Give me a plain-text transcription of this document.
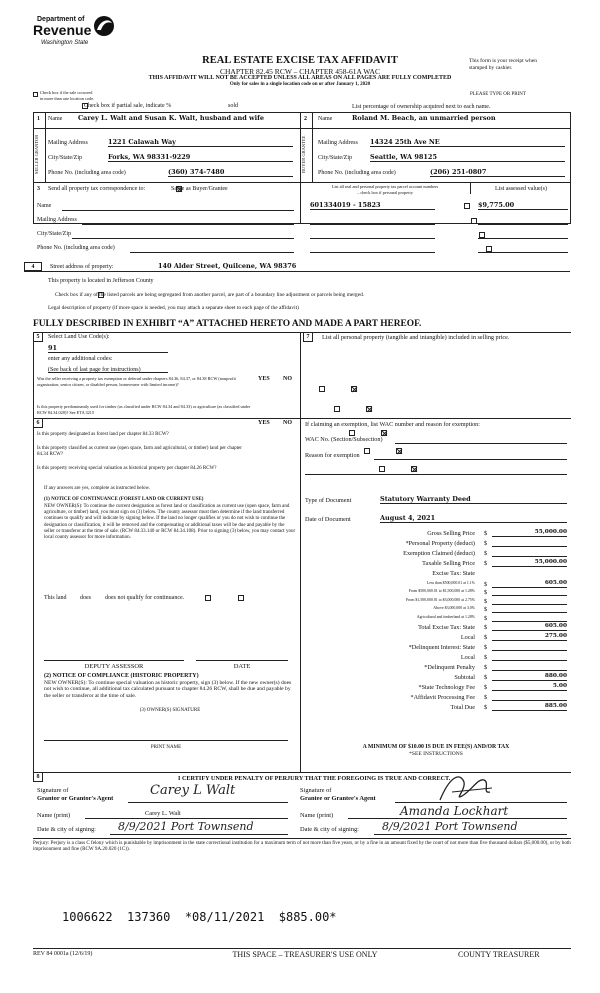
Department of
Revenue
Washington State
REAL ESTATE EXCISE TAX AFFIDAVIT
CHAPTER 82.45 RCW – CHAPTER 458-61A WAC
THIS AFFIDAVIT WILL NOT BE ACCEPTED UNLESS ALL AREAS ON ALL PAGES ARE FULLY COMPLETED
Only for sales in a single location code on or after January 1, 2020
This form is your receipt when
stamped by cashier.
PLEASE TYPE OR PRINT

Check box if the sale occurred
in more than one location code.

Check box if partial sale, indicate %	sold	List percentage of ownership acquired next to each name.
1 Name Carey L. Walt and Susan K. Walt, husband and wife
SELLER GRANTOR	Mailing Address	1221 Calawah Way
City/State/Zip	Forks, WA 98331-9229
Phone No. (including area code)	(360) 374-7480
2 Name	Roland M. Beach, an unmarried person
BUYER GRANTEE	Mailing Address 14324 25th Ave NE
City/State/Zip	Seattle, WA 98125
Phone No. (including area code)	(206) 251-0807
3 Send all property tax correspondence to:
	Same as Buyer/Grantee	List all real and personal property tax parcel account numbers
– check box if personal property
List assessed value(s)
Name
Mailing Address
City/State/Zip
Phone No. (including area code)
601334019 - 15823
	$9,775.00

4	Street address of property:	140 Alder Street, Quilcene, WA 98376
This property is located in Jefferson County

Check box if any of the listed parcels are being segregated from another parcel, are part of a boundary line adjustment or parcels being merged.
Legal description of property (if more space is needed, you may attach a separate sheet to each page of the affidavit)
FULLY DESCRIBED IN EXHIBIT “A” ATTACHED HERETO AND MADE A PART HEREOF.
5	Select Land Use Code(s):
91
enter any additional codes:
(See back of last page for instructions)
YES NO
Was the seller receiving a property tax exemption or deferral under chapters 84.36, 84.37, or 84.38 RCW (nonprofit organization, senior citizen, or disabled person, homeowner with limited income)?

Is this property predominantly used for timber (as classified under RCW 84.34 and 84.33) or agriculture (as classified under RCW 84.34.020)? See ETA 3215

6	YES NO
Is this property designated as forest land per chapter 84.33 RCW?

Is this property classified as current use (open space, farm and agricultural, or timber) land per chapter 84.34 RCW?

Is this property receiving special valuation as historical property per chapter 84.26 RCW?

If any answers are yes, complete as instructed below.
(1) NOTICE OF CONTINUANCE (FOREST LAND OR CURRENT USE)
NEW OWNER(S): To continue the current designation as forest land or classification as current use (open space, farm and agriculture, or timber) land, you must sign on (3) below. The county assessor must then determine if the land transferred continues to qualify and will indicate by signing below. If the land no longer qualifies or you do not wish to continue the designation or classification, it will be removed and the compensating or additional taxes will be due and payable by the seller or transferor at the time of sale. (RCW 84.33.140 or RCW 84.34.108). Prior to signing (3) below, you may contact your local county assessor for more information.
This land
does does not qualify for continuance.
DEPUTY ASSESSOR	DATE
(2) NOTICE OF COMPLIANCE (HISTORIC PROPERTY)
NEW OWNER(S): To continue special valuation as historic property, sign (3) below. If the new owner(s) does not wish to continue, all additional tax calculated pursuant to chapter 84.26 RCW, shall be due and payable by the seller or transferor at the time of sale.
(3) OWNER(S) SIGNATURE
PRINT NAME
7	List all personal property (tangible and intangible) included in selling price.
If claiming an exemption, list WAC number and reason for exemption:
WAC No. (Section/Subsection)
Reason for exemption
Type of Document	Statutory Warranty Deed
Date of Document	August 4, 2021
Gross Selling Price $	55,000.00
*Personal Property (deduct) $
Exemption Claimed (deduct) $
Taxable Selling Price $	55,000.00
Excise Tax: State
Less than $500,000.01 at 1.1% $	605.00
From $500,000.01 to $1,500,000 at 1.28% $
From $1,500,000.01 to $3,000,000 at 2.75% $
Above $3,000,000 at 3.0% $
Agricultural and timberland at 1.28% $
Total Excise Tax: State $	605.00
Local $	275.00
*Delinquent Interest: State $
Local $
*Delinquent Penalty $
Subtotal $	880.00
*State Technology Fee $	5.00
*Affidavit Processing Fee $
Total Due $	885.00
A MINIMUM OF $10.00 IS DUE IN FEE(S) AND/OR TAX
*SEE INSTRUCTIONS
8	I CERTIFY UNDER PENALTY OF PERJURY THAT THE FOREGOING IS TRUE AND CORRECT.
Signature of
Grantor or Grantor's Agent
Carey L Walt
Name (print)	Carey L. Walt
Date & city of signing: 8/9/2021 Port Townsend
Signature of
Grantee or Grantee's Agent
Name (print)	Amanda Lockhart
Date & city of signing: 8/9/2021 Port Townsend
Perjury: Perjury is a class C felony which is punishable by imprisonment in the state correctional institution for a maximum term of not more than five years, or by a fine in an amount fixed by the court of not more than five thousand dollars ($5,000.00), or by both imprisonment and fine (RCW 9A.20.020 (1C)).
1006622  137360  *08/11/2021  $885.00*
REV 84 0001a (12/6/19)	THIS SPACE – TREASURER'S USE ONLY	COUNTY TREASURER
